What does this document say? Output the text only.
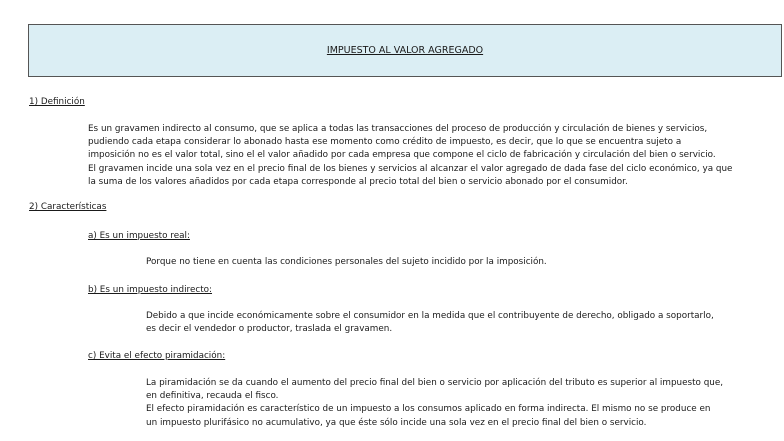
IMPUESTO AL VALOR AGREGADO
1) Definición
Es un gravamen indirecto al consumo, que se aplica a todas las transacciones del proceso de producción y circulación de bienes y servicios,
pudiendo cada etapa considerar lo abonado hasta ese momento como crédito de impuesto, es decir, que lo que se encuentra sujeto a
imposición no es el valor total, sino el el valor añadido por cada empresa que compone el ciclo de fabricación y circulación del bien o servicio.
El gravamen incide una sola vez en el precio final de los bienes y servicios al alcanzar el valor agregado de dada fase del ciclo económico, ya que
la suma de los valores añadidos por cada etapa corresponde al precio total del bien o servicio abonado por el consumidor.
2) Características
a) Es un impuesto real:
Porque no tiene en cuenta las condiciones personales del sujeto incidido por la imposición.
b) Es un impuesto indirecto:
Debido a que incide económicamente sobre el consumidor en la medida que el contribuyente de derecho, obligado a soportarlo,
es decir el vendedor o productor, traslada el gravamen.
c) Evita el efecto piramidación:
La piramidación se da cuando el aumento del precio final del bien o servicio por aplicación del tributo es superior al impuesto que,
en definitiva, recauda el fisco.
El efecto piramidación es característico de un impuesto a los consumos aplicado en forma indirecta. El mismo no se produce en
un impuesto plurifásico no acumulativo, ya que éste sólo incide una sola vez en el precio final del bien o servicio.
